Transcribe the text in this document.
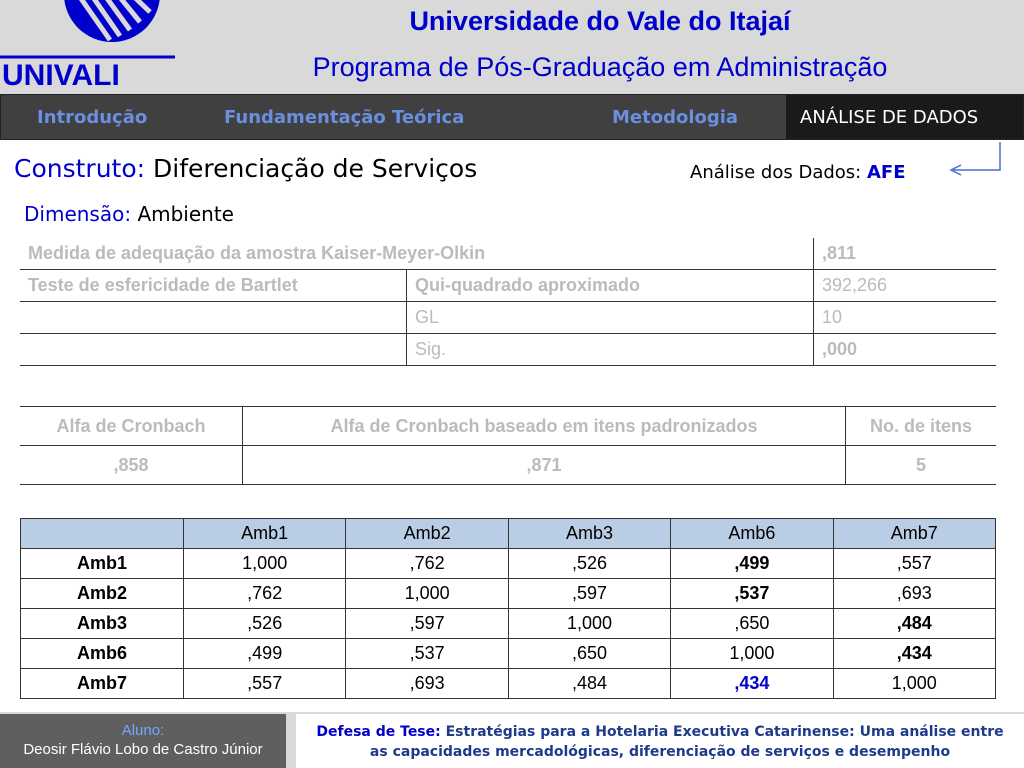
UNIVALI
Universidade do Vale do Itajaí
Programa de Pós-Graduação em Administração
Introdução	Fundamentação Teórica	Metodologia	ANÁLISE DE DADOS
Construto: Diferenciação de Serviços	Análise dos Dados: AFE
Dimensão: Ambiente
Medida de adequação da amostra Kaiser-Meyer-Olkin		,811
Teste de esfericidade de Bartlet	Qui-quadrado aproximado	392,266
	GL	10
	Sig.	,000
Alfa de Cronbach	Alfa de Cronbach baseado em itens padronizados	No. de itens
,858	,871	5
	Amb1	Amb2	Amb3	Amb6	Amb7
Amb1	1,000	,762	,526	,499	,557
Amb2	,762	1,000	,597	,537	,693
Amb3	,526	,597	1,000	,650	,484
Amb6	,499	,537	,650	1,000	,434
Amb7	,557	,693	,484	,434	1,000
Aluno:
Deosir Flávio Lobo de Castro Júnior
Defesa de Tese: Estratégias para a Hotelaria Executiva Catarinense: Uma análise entre as capacidades mercadológicas, diferenciação de serviços e desempenho
